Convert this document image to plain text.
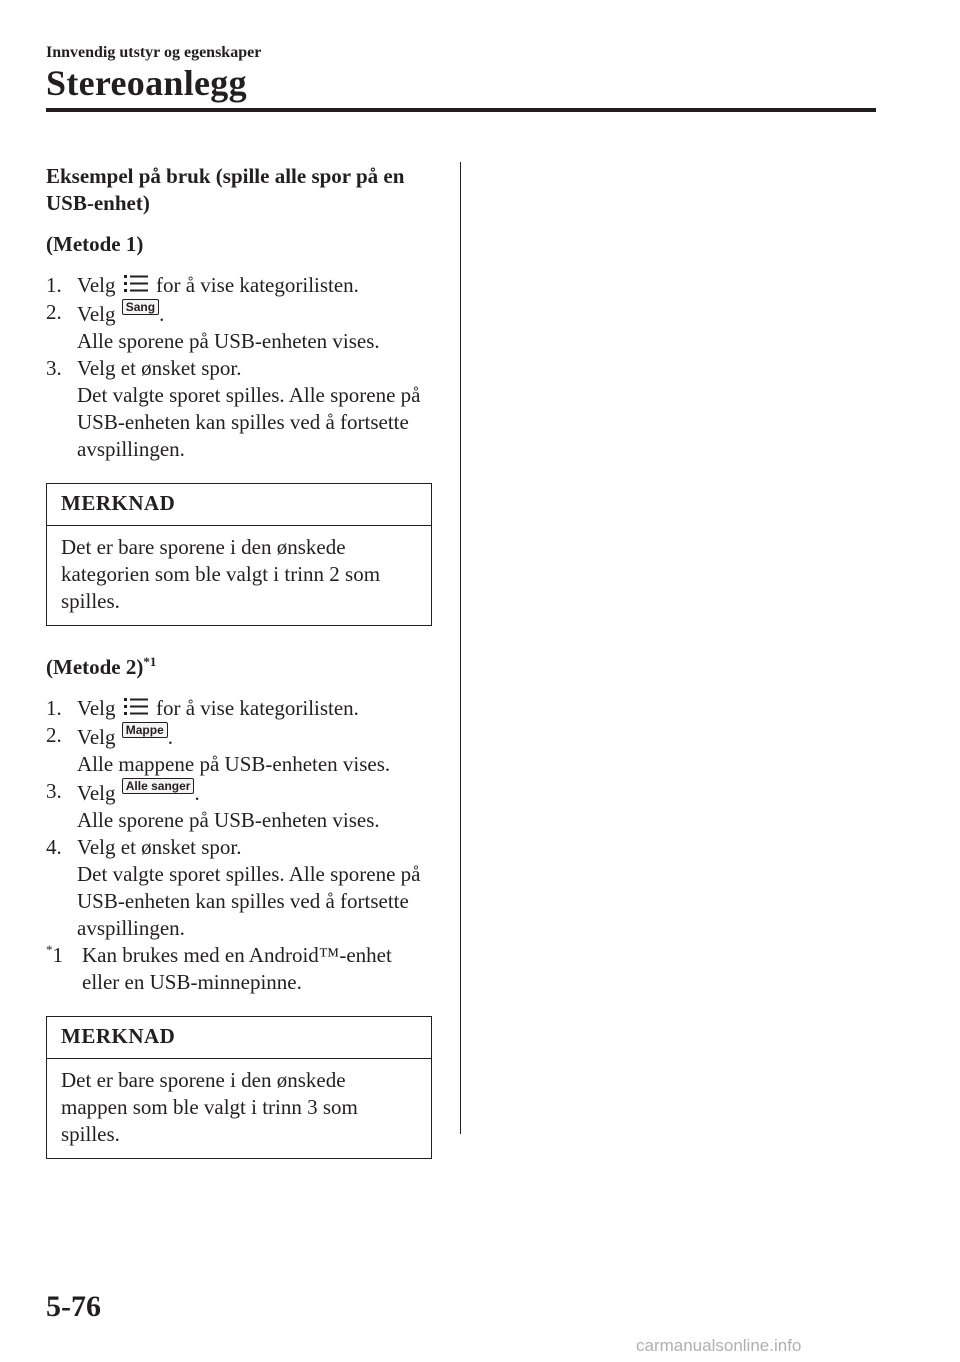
Innvendig utstyr og egenskaper
Stereoanlegg

Eksempel på bruk (spille alle spor på en USB-enhet)

(Metode 1)

1. Velg for å vise kategorilisten.
2. Velg Sang .
Alle sporene på USB-enheten vises.
3. Velg et ønsket spor.
Det valgte sporet spilles. Alle sporene på USB-enheten kan spilles ved å fortsette avspillingen.
MERKNAD
Det er bare sporene i den ønskede kategorien som ble valgt i trinn 2 som spilles.

(Metode 2)$^{*1}$

1. Velg for å vise kategorilisten.
2. Velg Mappe .
Alle mappene på USB-enheten vises.
3. Velg Alle sanger .
Alle sporene på USB-enheten vises.
4. Velg et ønsket spor.
Det valgte sporet spilles. Alle sporene på USB-enheten kan spilles ved å fortsette avspillingen.
*1 Kan brukes med en Android™-enhet eller en USB-minnepinne.
MERKNAD
Det er bare sporene i den ønskede mappen som ble valgt i trinn 3 som spilles.
5-76
carmanualsonline.info
